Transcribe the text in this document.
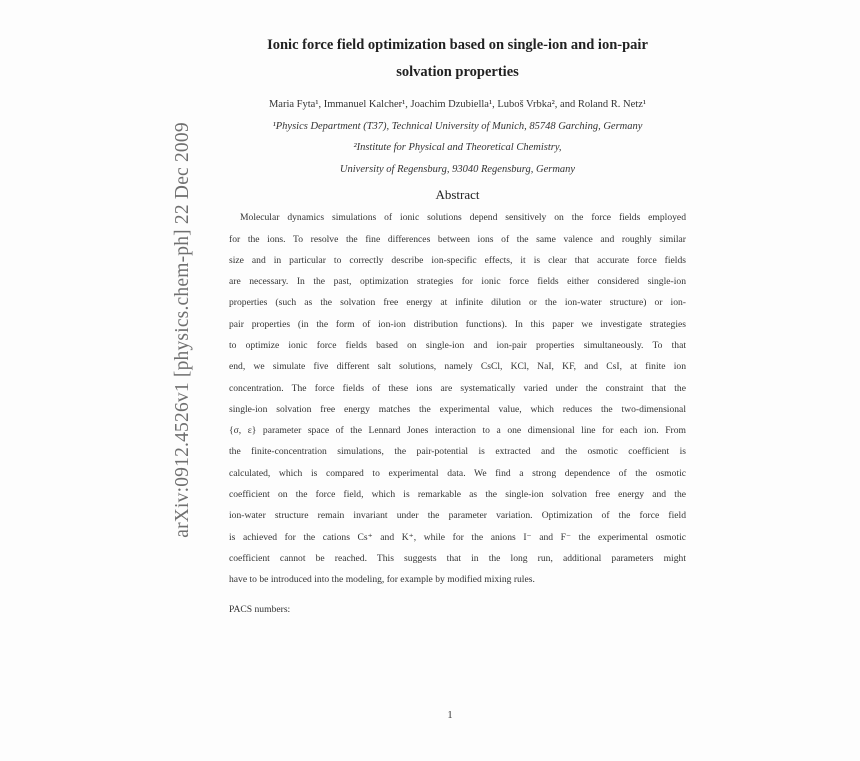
arXiv:0912.4526v1 [physics.chem-ph] 22 Dec 2009
Ionic force field optimization based on single-ion and ion-pair
solvation properties
Maria Fyta¹, Immanuel Kalcher¹, Joachim Dzubiella¹, Luboš Vrbka², and Roland R. Netz¹
¹Physics Department (T37), Technical University of Munich, 85748 Garching, Germany
²Institute for Physical and Theoretical Chemistry,
University of Regensburg, 93040 Regensburg, Germany
Abstract
Molecular dynamics simulations of ionic solutions depend sensitively on the force fields employed
for the ions. To resolve the fine differences between ions of the same valence and roughly similar
size and in particular to correctly describe ion-specific effects, it is clear that accurate force fields
are necessary. In the past, optimization strategies for ionic force fields either considered single-ion
properties (such as the solvation free energy at infinite dilution or the ion-water structure) or ion-
pair properties (in the form of ion-ion distribution functions). In this paper we investigate strategies
to optimize ionic force fields based on single-ion and ion-pair properties simultaneously. To that
end, we simulate five different salt solutions, namely CsCl, KCl, NaI, KF, and CsI, at finite ion
concentration. The force fields of these ions are systematically varied under the constraint that the
single-ion solvation free energy matches the experimental value, which reduces the two-dimensional
{σ, ε} parameter space of the Lennard Jones interaction to a one dimensional line for each ion. From
the finite-concentration simulations, the pair-potential is extracted and the osmotic coefficient is
calculated, which is compared to experimental data. We find a strong dependence of the osmotic
coefficient on the force field, which is remarkable as the single-ion solvation free energy and the
ion-water structure remain invariant under the parameter variation. Optimization of the force field
is achieved for the cations Cs⁺ and K⁺, while for the anions I⁻ and F⁻ the experimental osmotic
coefficient cannot be reached. This suggests that in the long run, additional parameters might
have to be introduced into the modeling, for example by modified mixing rules.
PACS numbers:
1
